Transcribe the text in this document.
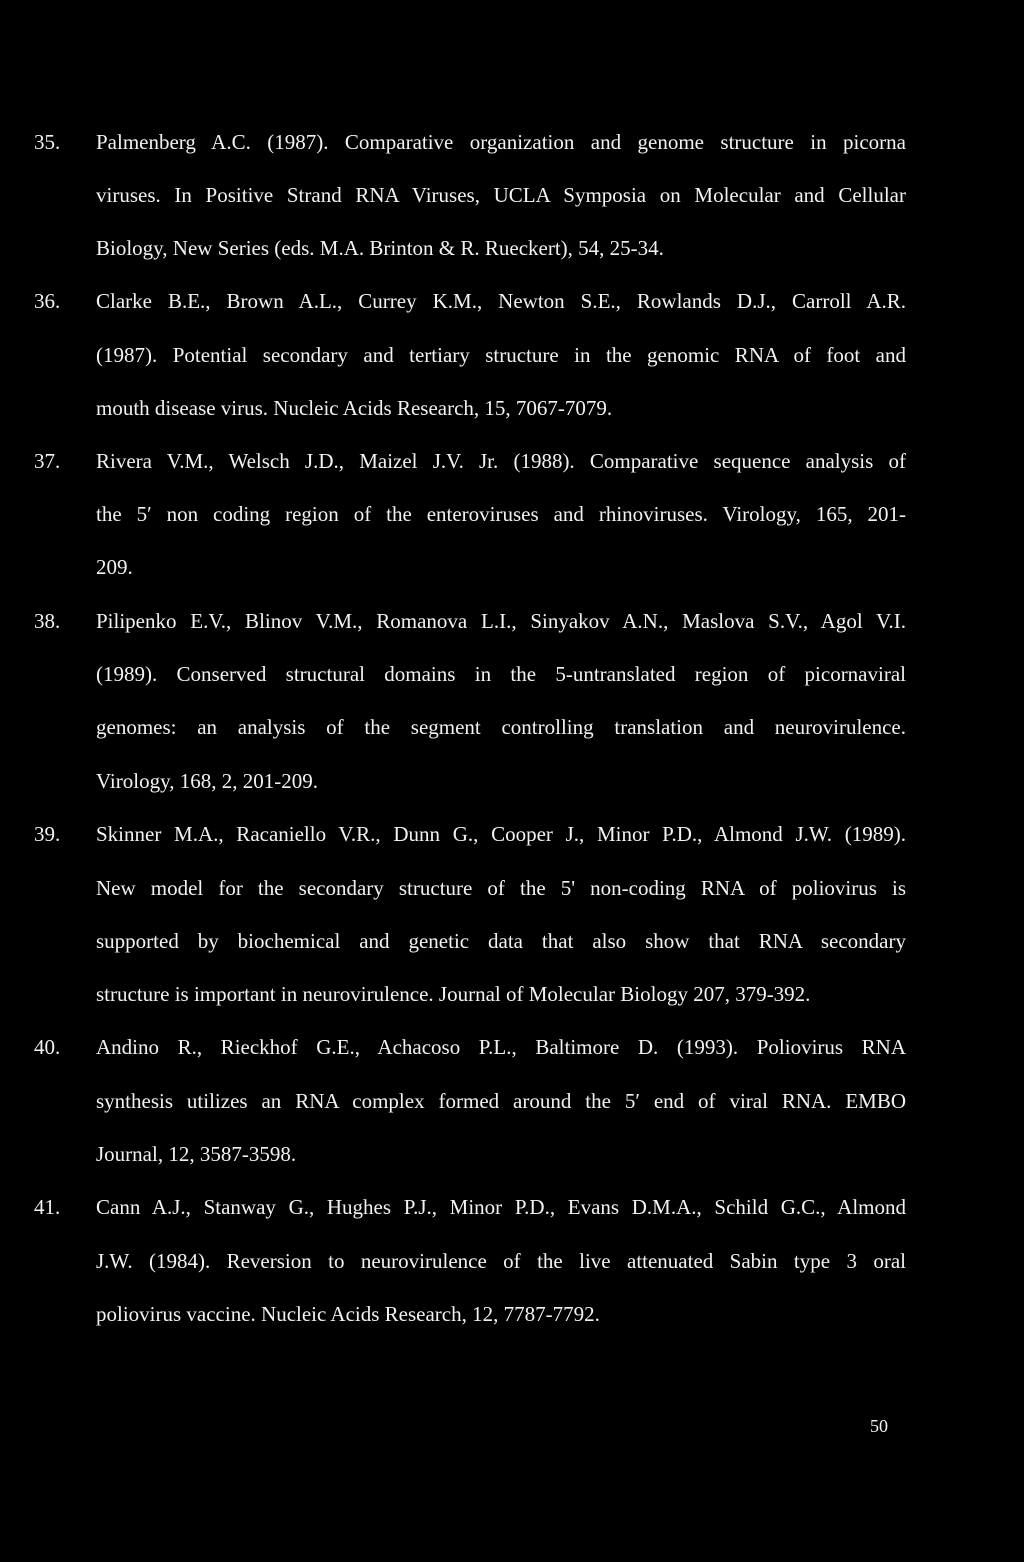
35. Palmenberg A.C. (1987). Comparative organization and genome structure in picorna
viruses. In Positive Strand RNA Viruses, UCLA Symposia on Molecular and Cellular
Biology, New Series (eds. M.A. Brinton & R. Rueckert), 54, 25-34.
36. Clarke B.E., Brown A.L., Currey K.M., Newton S.E., Rowlands D.J., Carroll A.R.
(1987). Potential secondary and tertiary structure in the genomic RNA of foot and
mouth disease virus. Nucleic Acids Research, 15, 7067-7079.
37. Rivera V.M., Welsch J.D., Maizel J.V. Jr. (1988). Comparative sequence analysis of
the 5′ non coding region of the enteroviruses and rhinoviruses. Virology, 165, 201-
209.
38. Pilipenko E.V., Blinov V.M., Romanova L.I., Sinyakov A.N., Maslova S.V., Agol V.I.
(1989). Conserved structural domains in the 5-untranslated region of picornaviral
genomes: an analysis of the segment controlling translation and neurovirulence.
Virology, 168, 2, 201-209.
39. Skinner M.A., Racaniello V.R., Dunn G., Cooper J., Minor P.D., Almond J.W. (1989).
New model for the secondary structure of the 5' non-coding RNA of poliovirus is
supported by biochemical and genetic data that also show that RNA secondary
structure is important in neurovirulence. Journal of Molecular Biology 207, 379-392.
40. Andino R., Rieckhof G.E., Achacoso P.L., Baltimore D. (1993). Poliovirus RNA
synthesis utilizes an RNA complex formed around the 5′ end of viral RNA. EMBO
Journal, 12, 3587-3598.
41. Cann A.J., Stanway G., Hughes P.J., Minor P.D., Evans D.M.A., Schild G.C., Almond
J.W. (1984). Reversion to neurovirulence of the live attenuated Sabin type 3 oral
poliovirus vaccine. Nucleic Acids Research, 12, 7787-7792.
50
